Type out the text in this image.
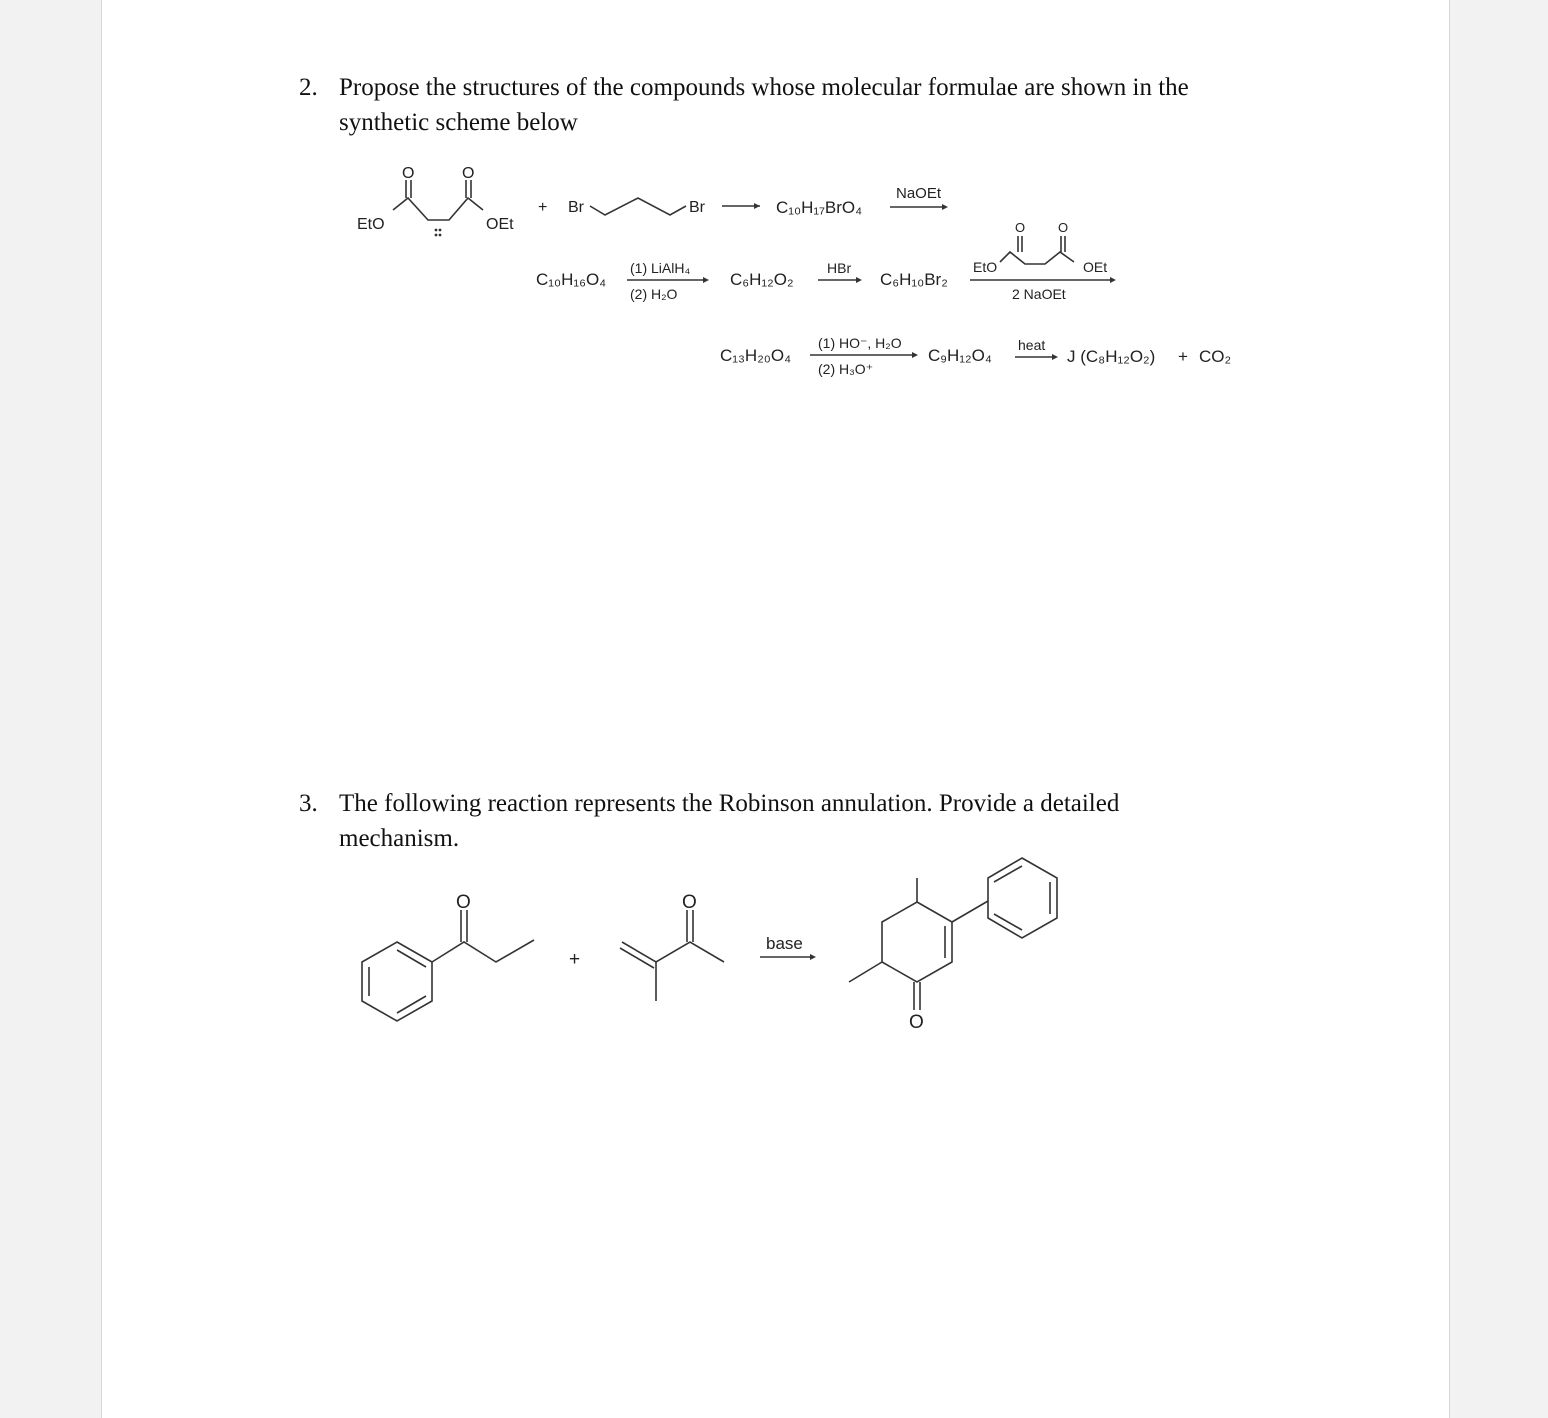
2. Propose the structures of the compounds whose molecular formulae are shown in the
synthetic scheme below
EtO	OEt
O	O
+ Br	Br	C₁₀H₁₇BrO₄
NaOEt
C₁₀H₁₆O₄
(1) LiAlH₄
(2) H₂O
C₆H₁₂O₂
HBr
C₆H₁₀Br₂
O	O
EtO	OEt
2 NaOEt
C₁₃H₂₀O₄
(1) HO⁻, H₂O
(2) H₃O⁺
C₉H₁₂O₄
heat
J (C₈H₁₂O₂) + CO₂
3. The following reaction represents the Robinson annulation. Provide a detailed
mechanism.
O
+
O
base
O
